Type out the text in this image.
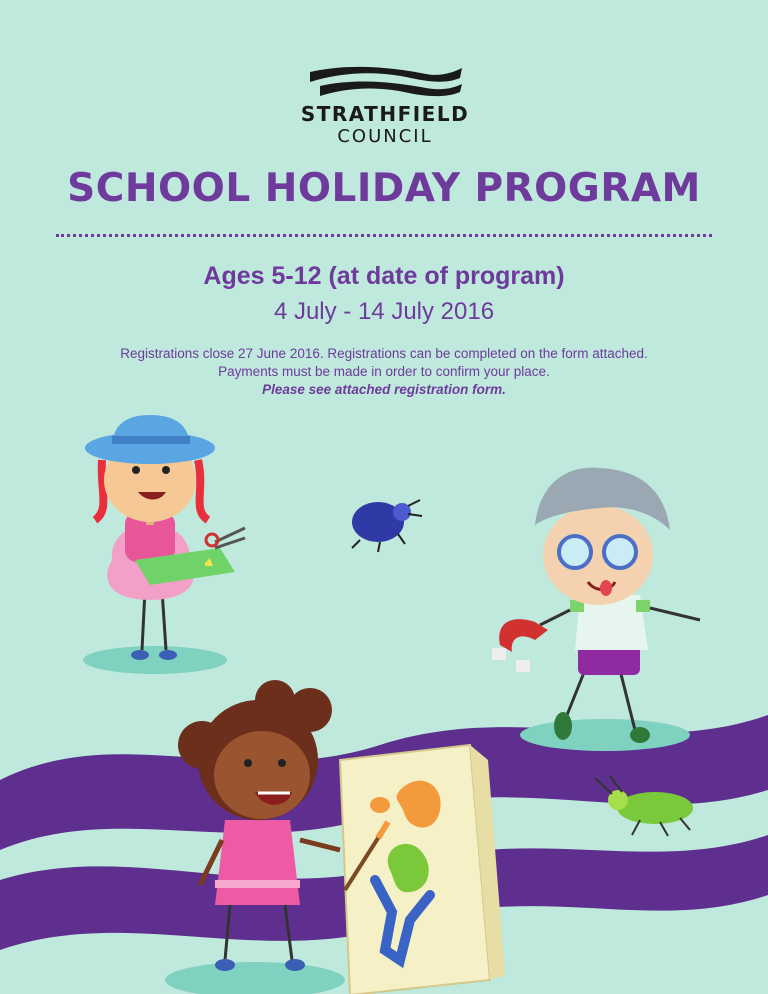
STRATHFIELD
COUNCIL
SCHOOL HOLIDAY PROGRAM
Ages 5-12 (at date of program)
4 July - 14 July 2016
Registrations close 27 June 2016. Registrations can be completed on the form attached.
Payments must be made in order to confirm your place.
Please see attached registration form.
